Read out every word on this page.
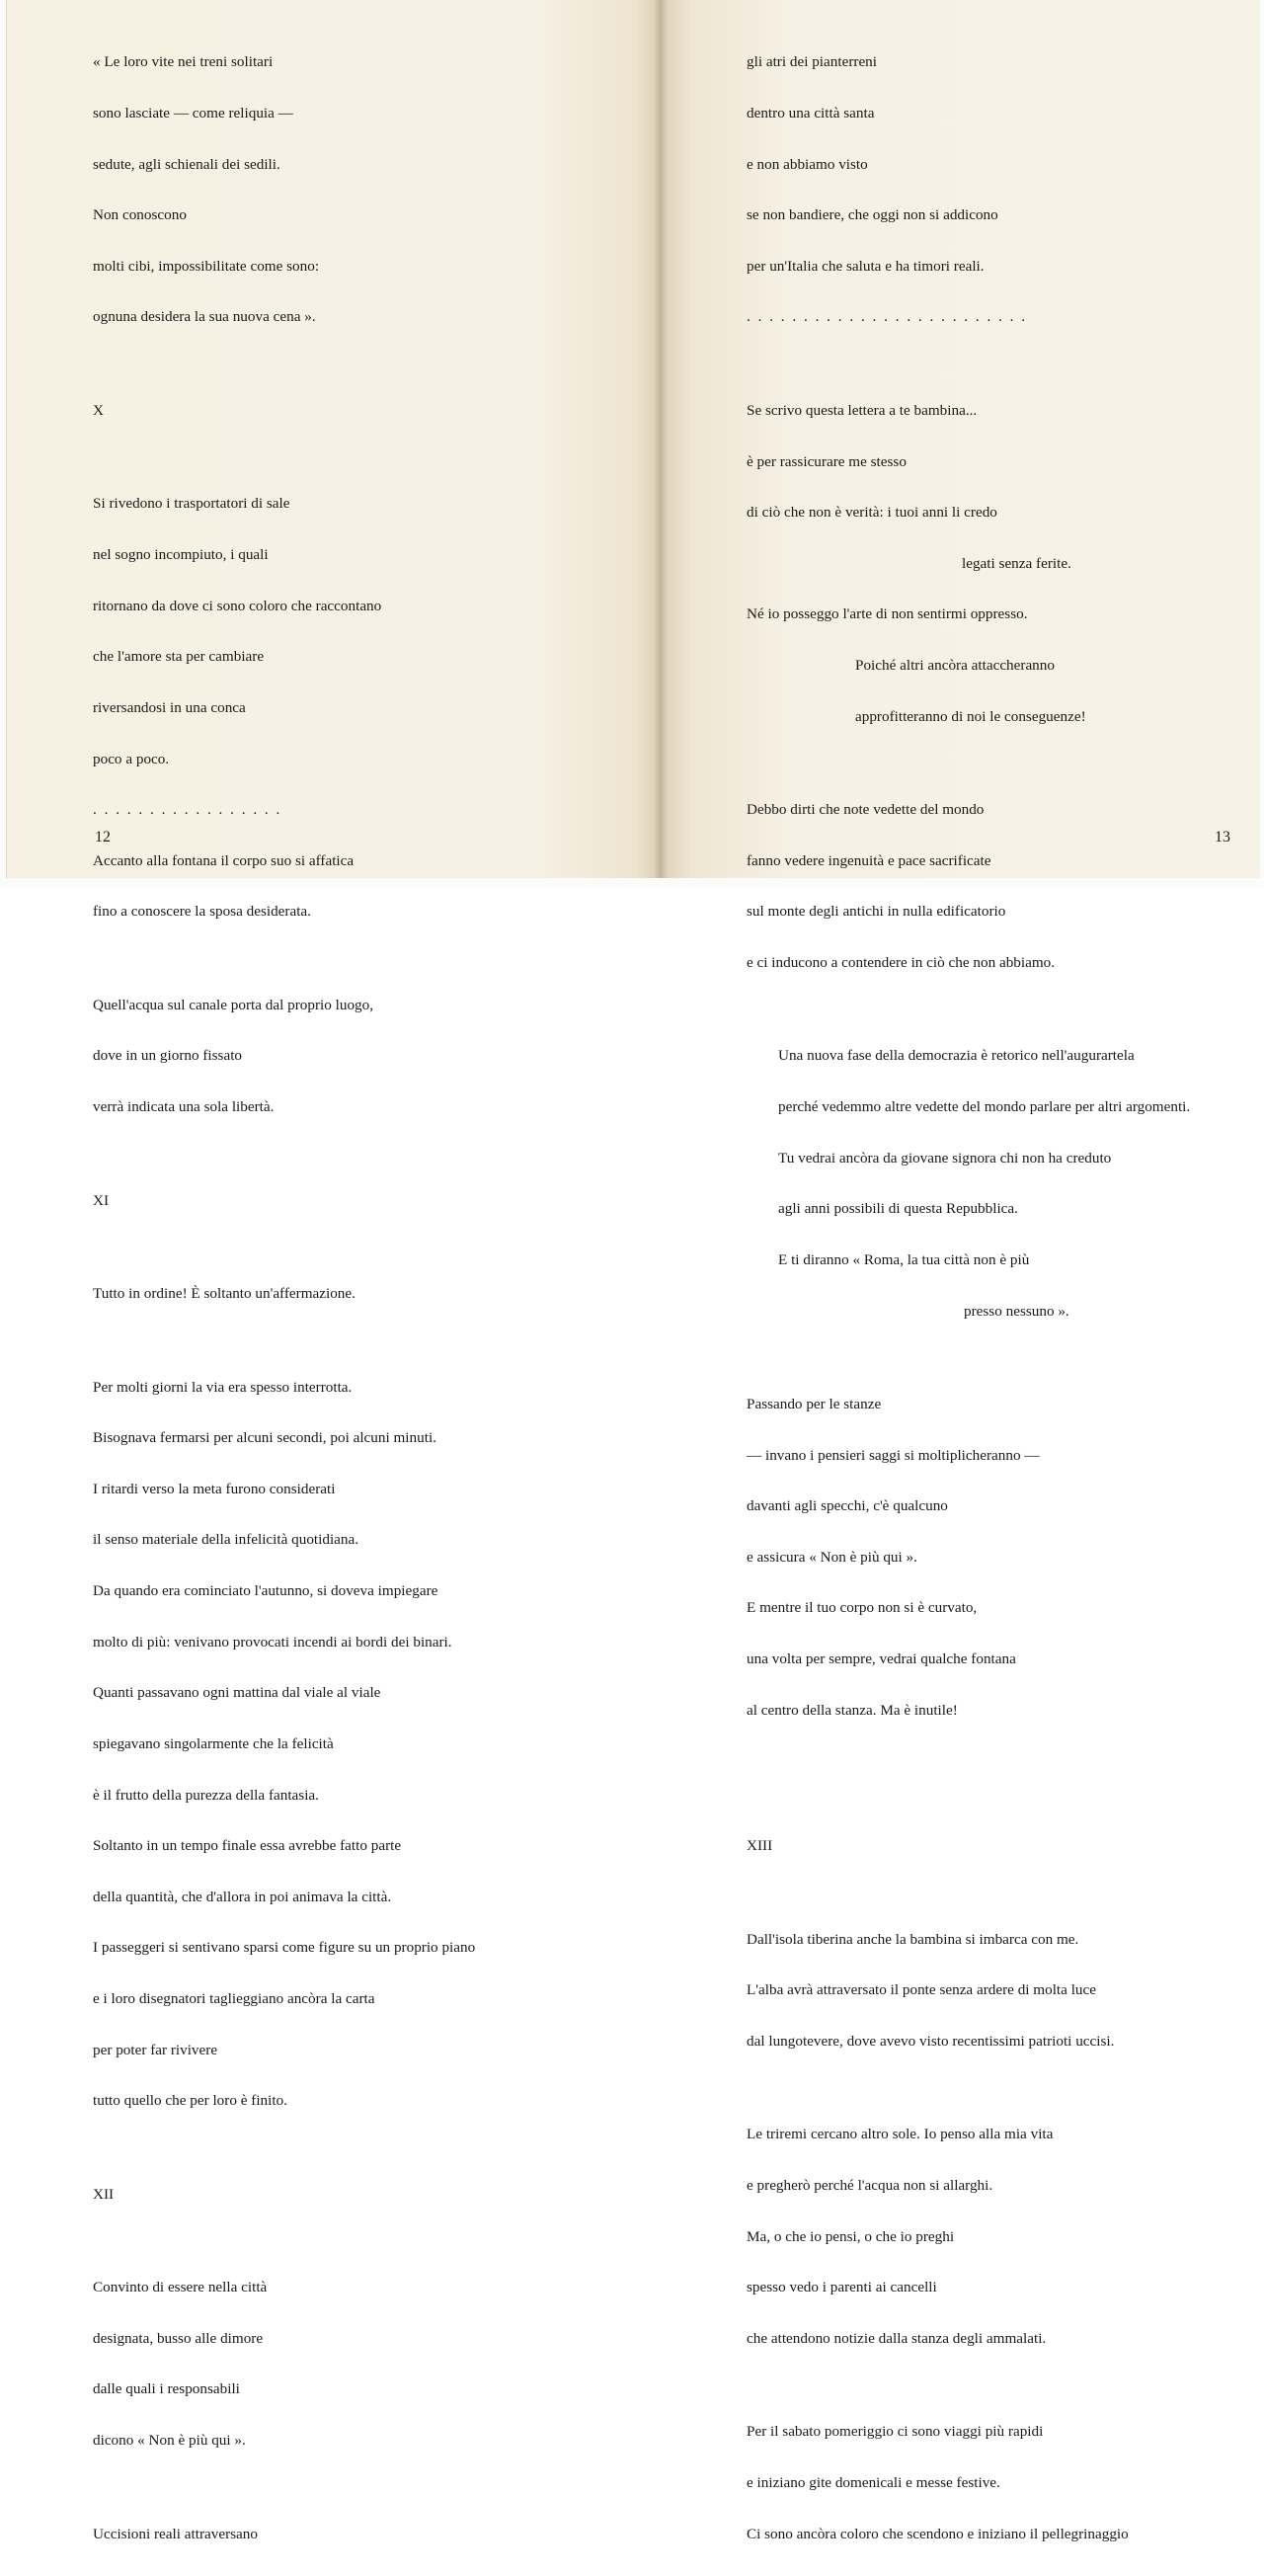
« Le loro vite nei treni solitari

sono lasciate — come reliquia —

sedute, agli schienali dei sedili.

Non conoscono

molti cibi, impossibilitate come sono:

ognuna desidera la sua nuova cena ».

X

Si rivedono i trasportatori di sale

nel sogno incompiuto, i quali

ritornano da dove ci sono coloro che raccontano

che l'amore sta per cambiare

riversandosi in una conca

poco a poco.

. . . . . . . . . . . . . . . . .

Accanto alla fontana il corpo suo si affatica

fino a conoscere la sposa desiderata.

Quell'acqua sul canale porta dal proprio luogo,

dove in un giorno fissato

verrà indicata una sola libertà.

XI

Tutto in ordine! È soltanto un'affermazione.

Per molti giorni la via era spesso interrotta.

Bisognava fermarsi per alcuni secondi, poi alcuni minuti.

I ritardi verso la meta furono considerati

il senso materiale della infelicità quotidiana.

Da quando era cominciato l'autunno, si doveva impiegare

molto di più: venivano provocati incendi ai bordi dei binari.

Quanti passavano ogni mattina dal viale al viale

spiegavano singolarmente che la felicità

è il frutto della purezza della fantasia.

Soltanto in un tempo finale essa avrebbe fatto parte

della quantità, che d'allora in poi animava la città.

I passeggeri si sentivano sparsi come figure su un proprio piano

e i loro disegnatori taglieggiano ancòra la carta

per poter far rivivere

tutto quello che per loro è finito.

XII

Convinto di essere nella città

designata, busso alle dimore

dalle quali i responsabili

dicono « Non è più qui ».

Uccisioni reali attraversano

gli atri dei pianterreni

dentro una città santa

e non abbiamo visto

se non bandiere, che oggi non si addicono

per un'Italia che saluta e ha timori reali.

. . . . . . . . . . . . . . . . . . . . . . . . .

Se scrivo questa lettera a te bambina...

è per rassicurare me stesso

di ciò che non è verità: i tuoi anni li credo

legati senza ferite.

Né io posseggo l'arte di non sentirmi oppresso.

Poiché altri ancòra attaccheranno

approfitteranno di noi le conseguenze!

Debbo dirti che note vedette del mondo

fanno vedere ingenuità e pace sacrificate

sul monte degli antichi in nulla edificatorio

e ci inducono a contendere in ciò che non abbiamo.

Una nuova fase della democrazia è retorico nell'augurartela

perché vedemmo altre vedette del mondo parlare per altri argomenti.

Tu vedrai ancòra da giovane signora chi non ha creduto

agli anni possibili di questa Repubblica.

E ti diranno « Roma, la tua città non è più

presso nessuno ».

Passando per le stanze

— invano i pensieri saggi si moltiplicheranno —

davanti agli specchi, c'è qualcuno

e assicura « Non è più qui ».

E mentre il tuo corpo non si è curvato,

una volta per sempre, vedrai qualche fontana

al centro della stanza. Ma è inutile!

XIII

Dall'isola tiberina anche la bambina si imbarca con me.

L'alba avrà attraversato il ponte senza ardere di molta luce

dal lungotevere, dove avevo visto recentissimi patrioti uccisi.

Le triremi cercano altro sole. Io penso alla mia vita

e pregherò perché l'acqua non si allarghi.

Ma, o che io pensi, o che io preghi

spesso vedo i parenti ai cancelli

che attendono notizie dalla stanza degli ammalati.

Per il sabato pomeriggio ci sono viaggi più rapidi

e iniziano gite domenicali e messe festive.

Ci sono ancòra coloro che scendono e iniziano il pellegrinaggio

12	13
